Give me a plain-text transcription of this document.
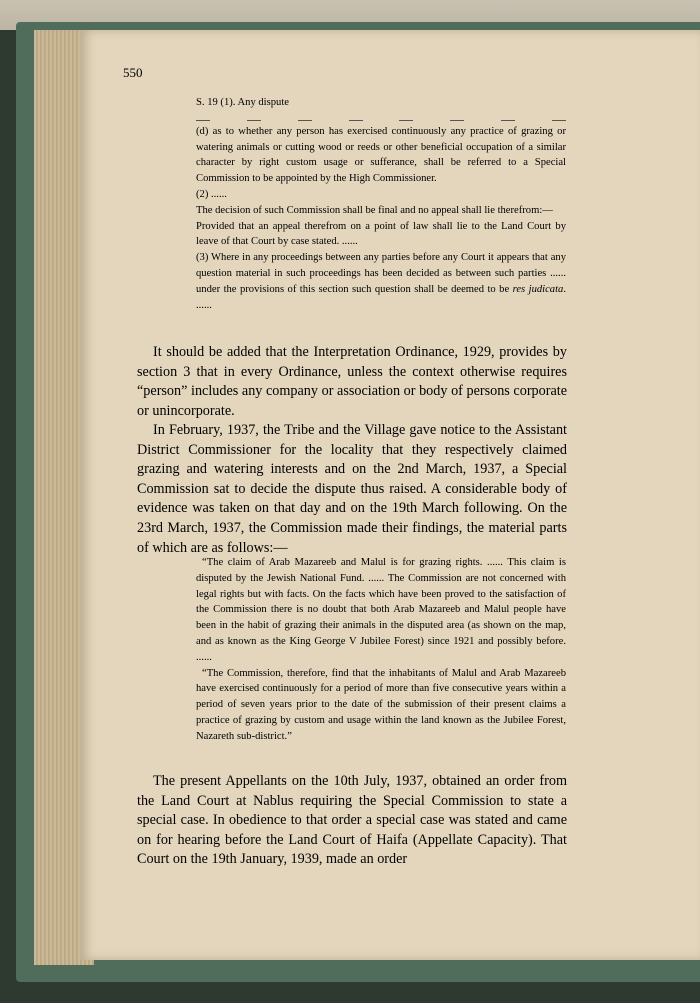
550

S. 19 (1). Any dispute

(d) as to whether any person has exercised continuously any practice of grazing or watering animals or cutting wood or reeds or other beneficial occupation of a similar character by right custom usage or sufferance, shall be referred to a Special Commission to be appointed by the High Commissioner.

(2) ......

The decision of such Commission shall be final and no appeal shall lie therefrom:—

Provided that an appeal therefrom on a point of law shall lie to the Land Court by leave of that Court by case stated. ......

(3) Where in any proceedings between any parties before any Court it appears that any question material in such proceedings has been decided as between such parties ...... under the provisions of this section such question shall be deemed to be res judicata. ......

It should be added that the Interpretation Ordinance, 1929, provides by section 3 that in every Ordinance, unless the context otherwise requires “person” includes any company or association or body of persons corporate or unincorporate.

In February, 1937, the Tribe and the Village gave notice to the Assistant District Commissioner for the locality that they respectively claimed grazing and watering interests and on the 2nd March, 1937, a Special Commission sat to decide the dispute thus raised. A considerable body of evidence was taken on that day and on the 19th March following. On the 23rd March, 1937, the Commission made their findings, the material parts of which are as follows:—

“The claim of Arab Mazareeb and Malul is for grazing rights. ...... This claim is disputed by the Jewish National Fund. ...... The Commission are not concerned with legal rights but with facts. On the facts which have been proved to the satisfaction of the Commission there is no doubt that both Arab Mazareeb and Malul people have been in the habit of grazing their animals in the disputed area (as shown on the map, and as known as the King George V Jubilee Forest) since 1921 and possibly before. ......

“The Commission, therefore, find that the inhabitants of Malul and Arab Mazareeb have exercised continuously for a period of more than five consecutive years within a period of seven years prior to the date of the submission of their present claims a practice of grazing by custom and usage within the land known as the Jubilee Forest, Nazareth sub-district.”

The present Appellants on the 10th July, 1937, obtained an order from the Land Court at Nablus requiring the Special Commission to state a special case. In obedience to that order a special case was stated and came on for hearing before the Land Court of Haifa (Appellate Capacity). That Court on the 19th January, 1939, made an order
